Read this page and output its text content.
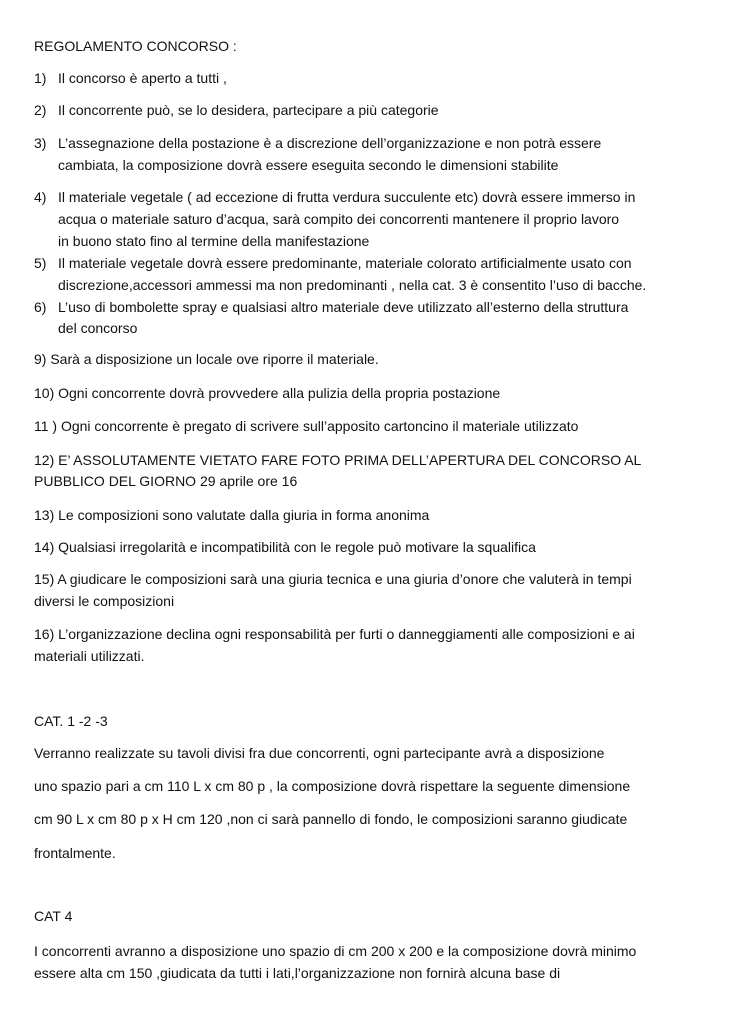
REGOLAMENTO CONCORSO :
1) Il concorso è aperto a tutti ,
2) Il concorrente può, se lo desidera, partecipare a più categorie
3) L’assegnazione della postazione è a discrezione dell’organizzazione e non potrà essere
cambiata, la composizione dovrà essere eseguita secondo le dimensioni stabilite
4) Il materiale vegetale ( ad eccezione di frutta verdura succulente etc) dovrà essere immerso in
acqua o materiale saturo d’acqua, sarà compito dei concorrenti mantenere il proprio lavoro
in buono stato fino al termine della manifestazione
5) Il materiale vegetale dovrà essere predominante, materiale colorato artificialmente usato con
discrezione,accessori ammessi ma non predominanti , nella cat. 3 è consentito l’uso di bacche.
6) L’uso di bombolette spray e qualsiasi altro materiale deve utilizzato all’esterno della struttura
del concorso
9) Sarà a disposizione un locale ove riporre il materiale.
10) Ogni concorrente dovrà provvedere alla pulizia della propria postazione
11 ) Ogni concorrente è pregato di scrivere sull’apposito cartoncino il materiale utilizzato
12) E’ ASSOLUTAMENTE VIETATO FARE FOTO PRIMA DELL’APERTURA DEL CONCORSO AL
PUBBLICO DEL GIORNO 29 aprile ore 16
13) Le composizioni sono valutate dalla giuria in forma anonima
14) Qualsiasi irregolarità e incompatibilità con le regole può motivare la squalifica
15) A giudicare le composizioni sarà una giuria tecnica e una giuria d’onore che valuterà in tempi
diversi le composizioni
16) L’organizzazione declina ogni responsabilità per furti o danneggiamenti alle composizioni e ai
materiali utilizzati.
CAT. 1 -2 -3
Verranno realizzate su tavoli divisi fra due concorrenti, ogni partecipante avrà a disposizione
uno spazio pari a cm 110 L x cm 80 p , la composizione dovrà rispettare la seguente dimensione
cm 90 L x cm 80 p x H cm 120 ,non ci sarà pannello di fondo, le composizioni saranno giudicate
frontalmente.
CAT 4
I concorrenti avranno a disposizione uno spazio di cm 200 x 200 e la composizione dovrà minimo
essere alta cm 150 ,giudicata da tutti i lati,l’organizzazione non fornirà alcuna base di
